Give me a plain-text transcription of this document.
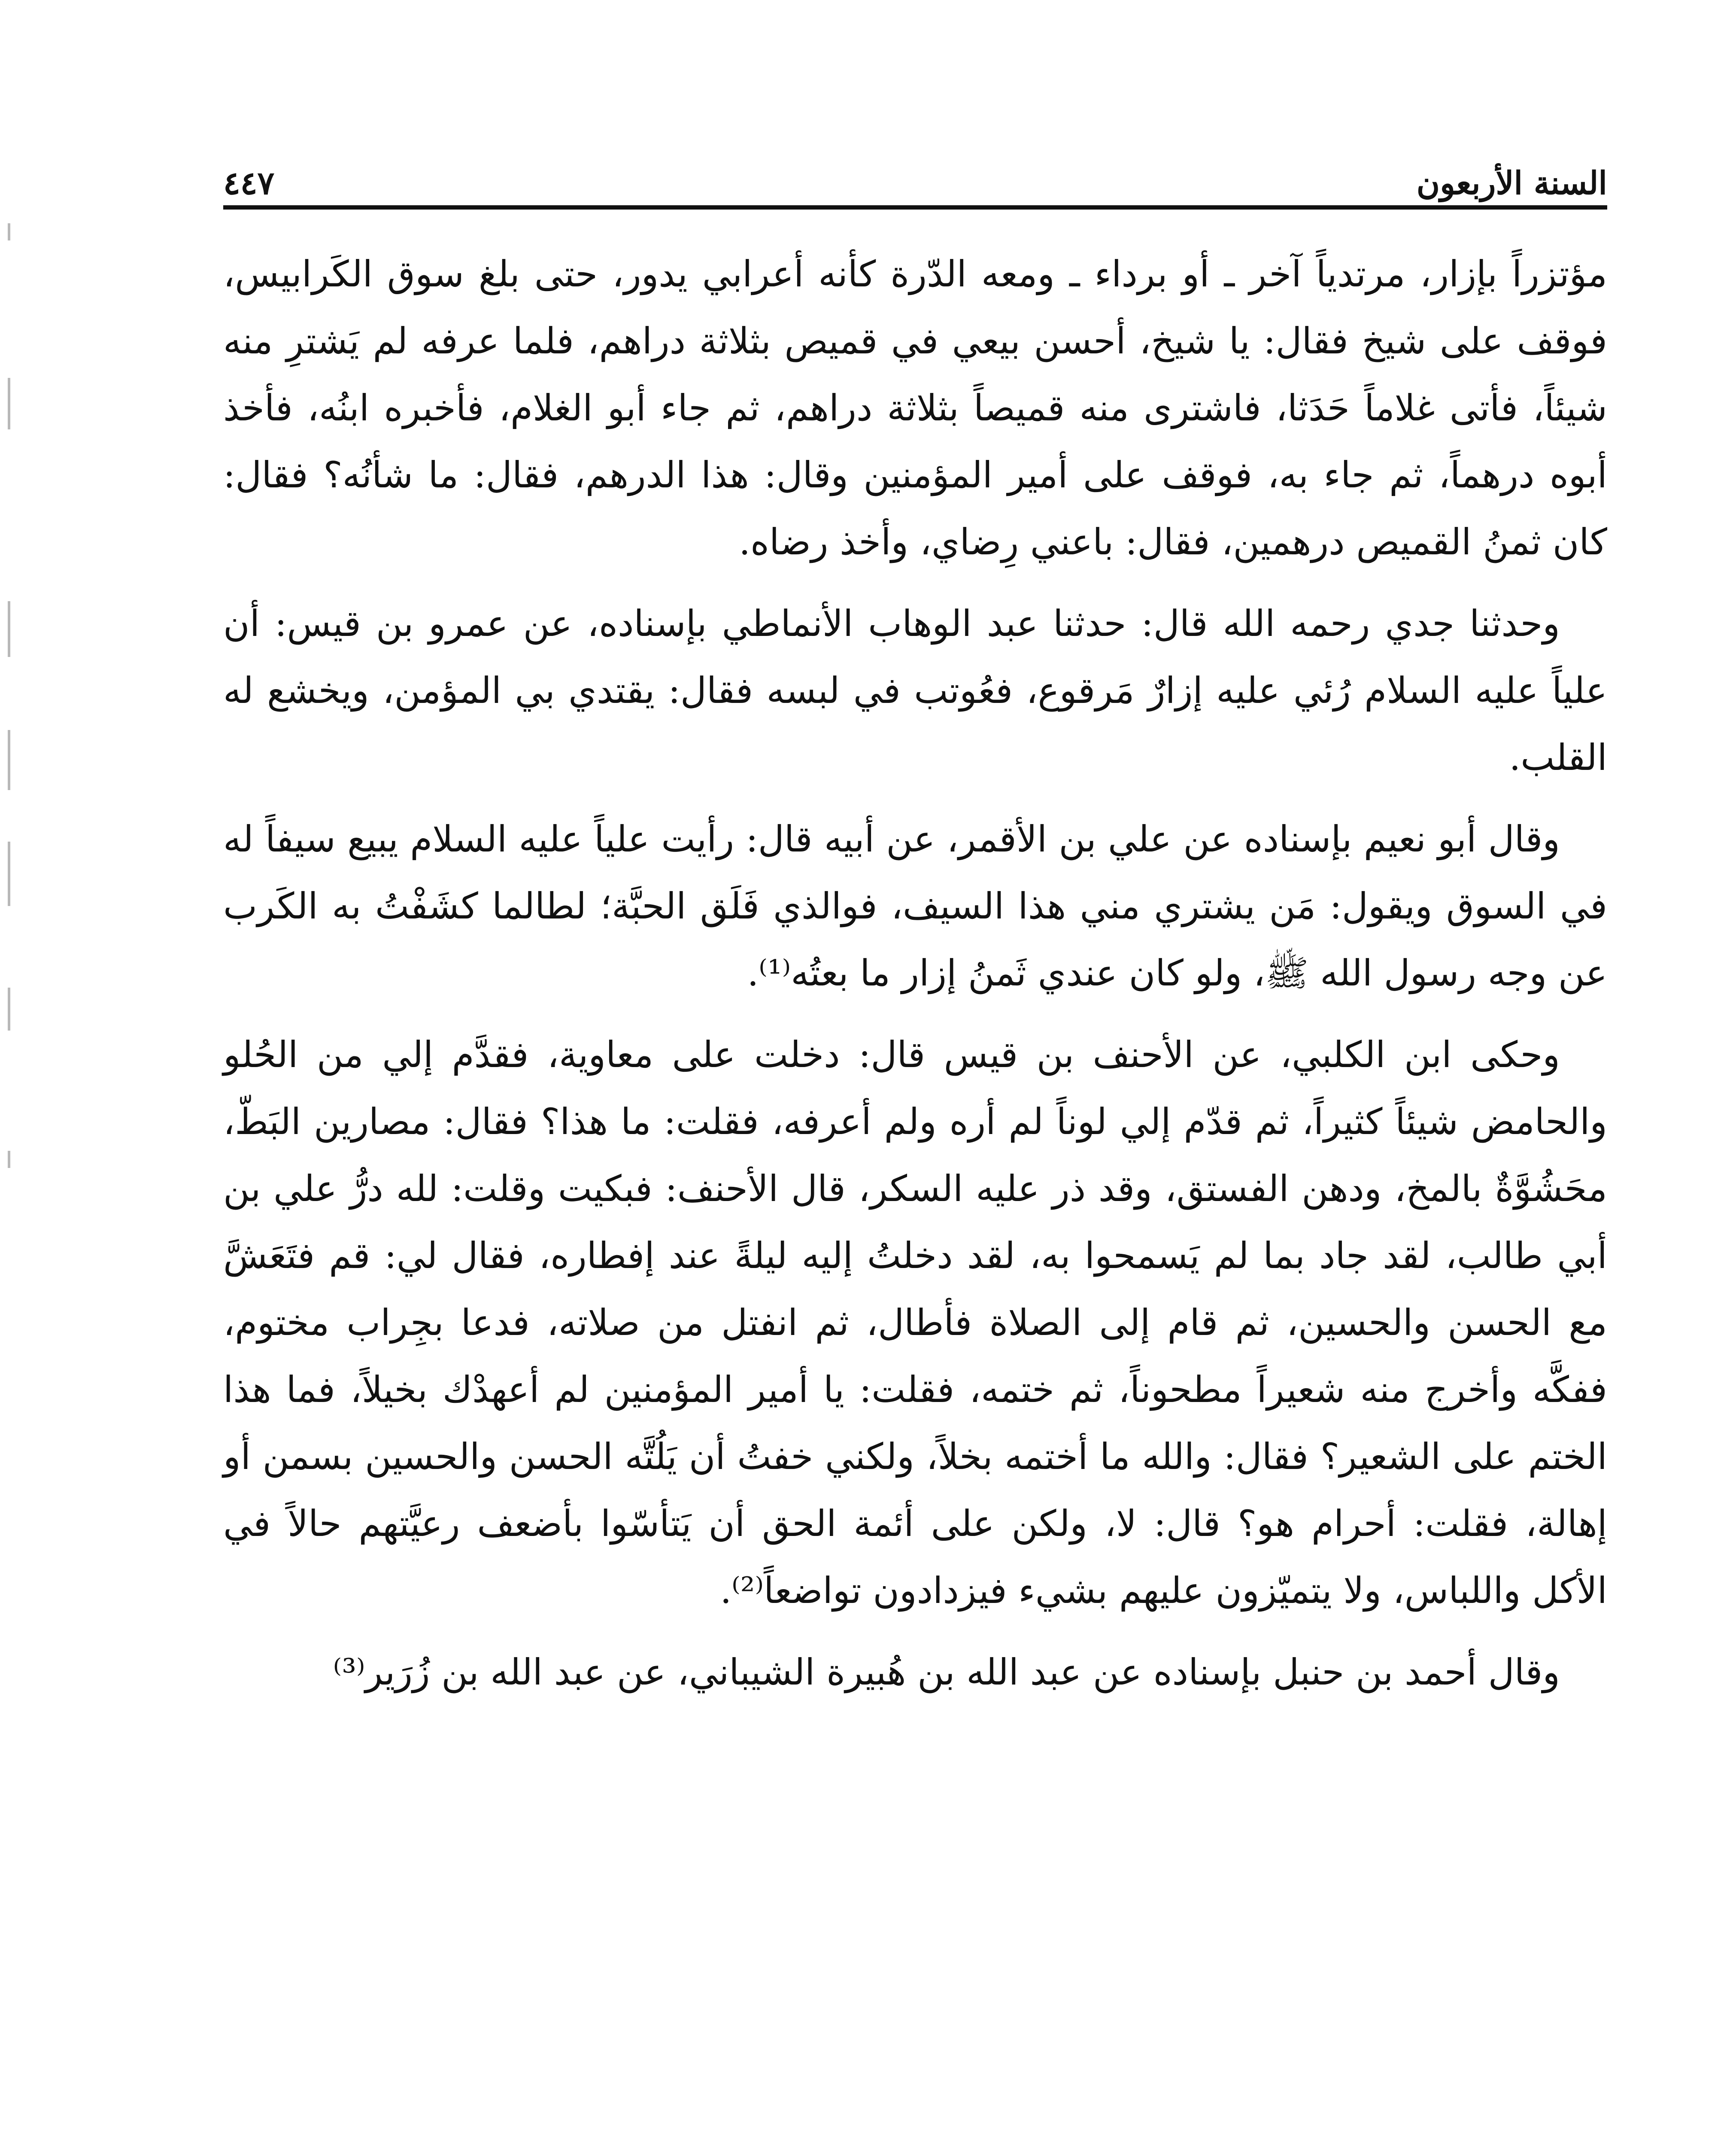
السنة الأربعون
٤٤٧

مؤتزراً بإزار، مرتدياً آخر ـ أو برداء ـ ومعه الدّرة كأنه أعرابي يدور، حتى بلغ سوق الكَرابيس، فوقف على شيخ فقال: يا شيخ، أحسن بيعي في قميص بثلاثة دراهم، فلما عرفه لم يَشترِ منه شيئاً، فأتى غلاماً حَدَثا، فاشترى منه قميصاً بثلاثة دراهم، ثم جاء أبو الغلام، فأخبره ابنُه، فأخذ أبوه درهماً، ثم جاء به، فوقف على أمير المؤمنين وقال: هذا الدرهم، فقال: ما شأنُه؟ فقال: كان ثمنُ القميص درهمين، فقال: باعني رِضاي، وأخذ رضاه.

وحدثنا جدي رحمه الله قال: حدثنا عبد الوهاب الأنماطي بإسناده، عن عمرو بن قيس: أن علياً عليه السلام رُئي عليه إزارٌ مَرقوع، فعُوتب في لبسه فقال: يقتدي بي المؤمن، ويخشع له القلب.

وقال أبو نعيم بإسناده عن علي بن الأقمر، عن أبيه قال: رأيت علياً عليه السلام يبيع سيفاً له في السوق ويقول: مَن يشتري مني هذا السيف، فوالذي فَلَق الحبَّة؛ لطالما كشَفْتُ به الكَرب عن وجه رسول الله ﷺ، ولو كان عندي ثَمنُ إزار ما بعتُه⁽¹⁾.

وحكى ابن الكلبي، عن الأحنف بن قيس قال: دخلت على معاوية، فقدَّم إلي من الحُلو والحامض شيئاً كثيراً، ثم قدّم إلي لوناً لم أره ولم أعرفه، فقلت: ما هذا؟ فقال: مصارين البَطّ، محَشُوَّةٌ بالمخ، ودهن الفستق، وقد ذر عليه السكر، قال الأحنف: فبكيت وقلت: لله درُّ علي بن أبي طالب، لقد جاد بما لم يَسمحوا به، لقد دخلتُ إليه ليلةً عند إفطاره، فقال لي: قم فتَعَشَّ مع الحسن والحسين، ثم قام إلى الصلاة فأطال، ثم انفتل من صلاته، فدعا بجِراب مختوم، ففكَّه وأخرج منه شعيراً مطحوناً، ثم ختمه، فقلت: يا أمير المؤمنين لم أعهدْك بخيلاً، فما هذا الختم على الشعير؟ فقال: والله ما أختمه بخلاً، ولكني خفتُ أن يَلُتَّه الحسن والحسين بسمن أو إهالة، فقلت: أحرام هو؟ قال: لا، ولكن على أئمة الحق أن يَتأسّوا بأضعف رعيَّتهم حالاً في الأكل واللباس، ولا يتميّزون عليهم بشيء فيزدادون تواضعاً⁽²⁾.

وقال أحمد بن حنبل بإسناده عن عبد الله بن هُبيرة الشيباني، عن عبد الله بن زُرَير⁽³⁾
